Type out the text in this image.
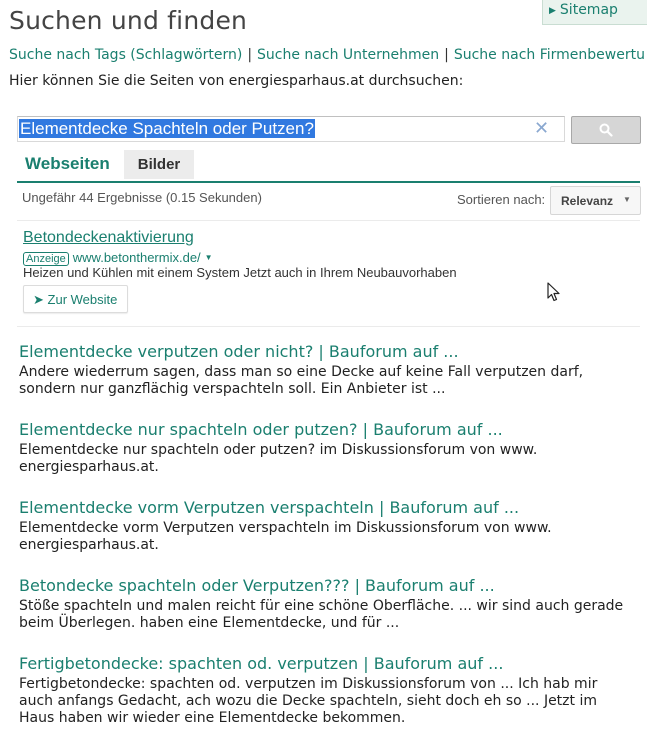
Suchen und finden	▶ Sitemap
Suche nach Tags (Schlagwörtern) | Suche nach Unternehmen | Suche nach Firmenbewertu
Hier können Sie die Seiten von energiesparhaus.at durchsuchen:
Elementdecke Spachteln oder Putzen?	✕
Webseiten	Bilder
Ungefähr 44 Ergebnisse (0.15 Sekunden)	Sortieren nach: Relevanz ▼
Betondeckenaktivierung
Anzeige www.betonthermix.de/ ▼
Heizen und Kühlen mit einem System Jetzt auch in Ihrem Neubauvorhaben
➤ Zur Website
Elementdecke verputzen oder nicht? | Bauforum auf ...
Andere wiederrum sagen, dass man so eine Decke auf keine Fall verputzen darf,
sondern nur ganzflächig verspachteln soll. Ein Anbieter ist ...
Elementdecke nur spachteln oder putzen? | Bauforum auf ...
Elementdecke nur spachteln oder putzen? im Diskussionsforum von www.
energiesparhaus.at.
Elementdecke vorm Verputzen verspachteln | Bauforum auf ...
Elementdecke vorm Verputzen verspachteln im Diskussionsforum von www.
energiesparhaus.at.
Betondecke spachteln oder Verputzen??? | Bauforum auf ...
Stöße spachteln und malen reicht für eine schöne Oberfläche. ... wir sind auch gerade
beim Überlegen. haben eine Elementdecke, und für ...
Fertigbetondecke: spachten od. verputzen | Bauforum auf ...
Fertigbetondecke: spachten od. verputzen im Diskussionsforum von ... Ich hab mir
auch anfangs Gedacht, ach wozu die Decke spachteln, sieht doch eh so ... Jetzt im
Haus haben wir wieder eine Elementdecke bekommen.
